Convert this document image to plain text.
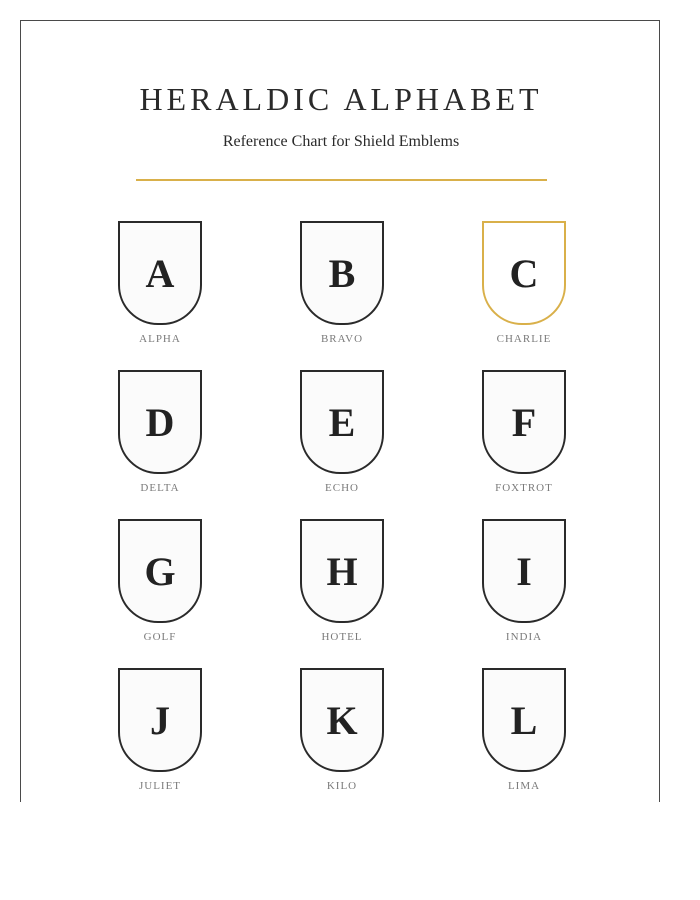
HERALDIC ALPHABET

Reference Chart for Shield Emblems

A
ALPHA
B
BRAVO
C
CHARLIE
D
DELTA
E
ECHO
F
FOXTROT
G
GOLF
H
HOTEL
I
INDIA
J
JULIET
K
KILO
L
LIMA
